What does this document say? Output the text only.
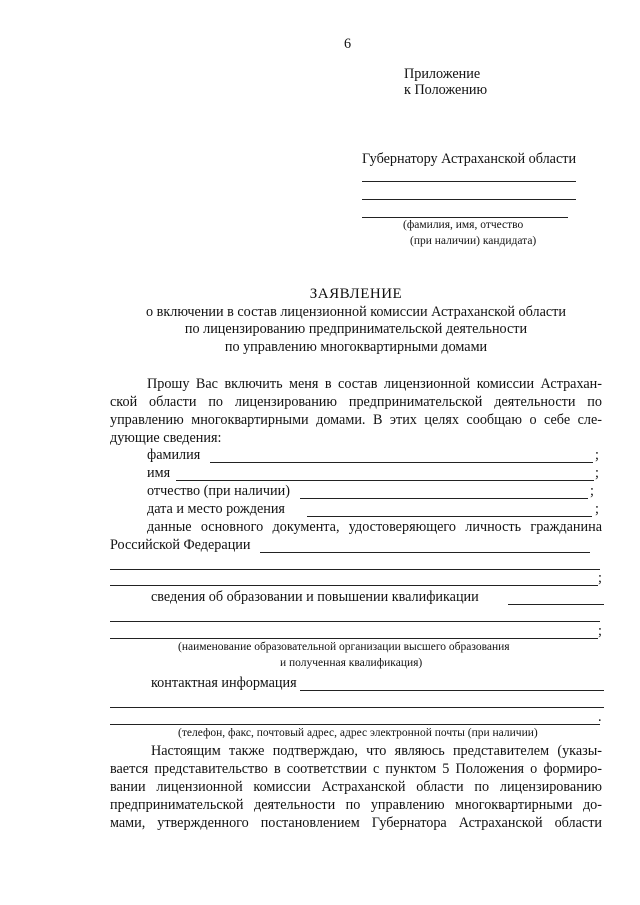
6
Приложение
к Положению
Губернатору Астраханской области
(фамилия, имя, отчество
(при наличии) кандидата)
ЗАЯВЛЕНИЕ
о включении в состав лицензионной комиссии Астраханской области
по лицензированию предпринимательской деятельности
по управлению многоквартирными домами
Прошу Вас включить меня в состав лицензионной комиссии Астрахан-
ской области по лицензированию предпринимательской деятельности по
управлению многоквартирными домами. В этих целях сообщаю о себе сле-
дующие сведения:
фамилия	;
имя	;
отчество (при наличии)	;
дата и место рождения	;
данные основного документа, удостоверяющего личность гражданина
Российской Федерации
;
сведения об образовании и повышении квалификации
;
(наименование образовательной организации высшего образования
и полученная квалификация)
контактная информация
.
(телефон, факс, почтовый адрес, адрес электронной почты (при наличии)
Настоящим также подтверждаю, что являюсь представителем (указы-
вается представительство в соответствии с пунктом 5 Положения о формиро-
вании лицензионной комиссии Астраханской области по лицензированию
предпринимательской деятельности по управлению многоквартирными до-
мами, утвержденного постановлением Губернатора Астраханской области
